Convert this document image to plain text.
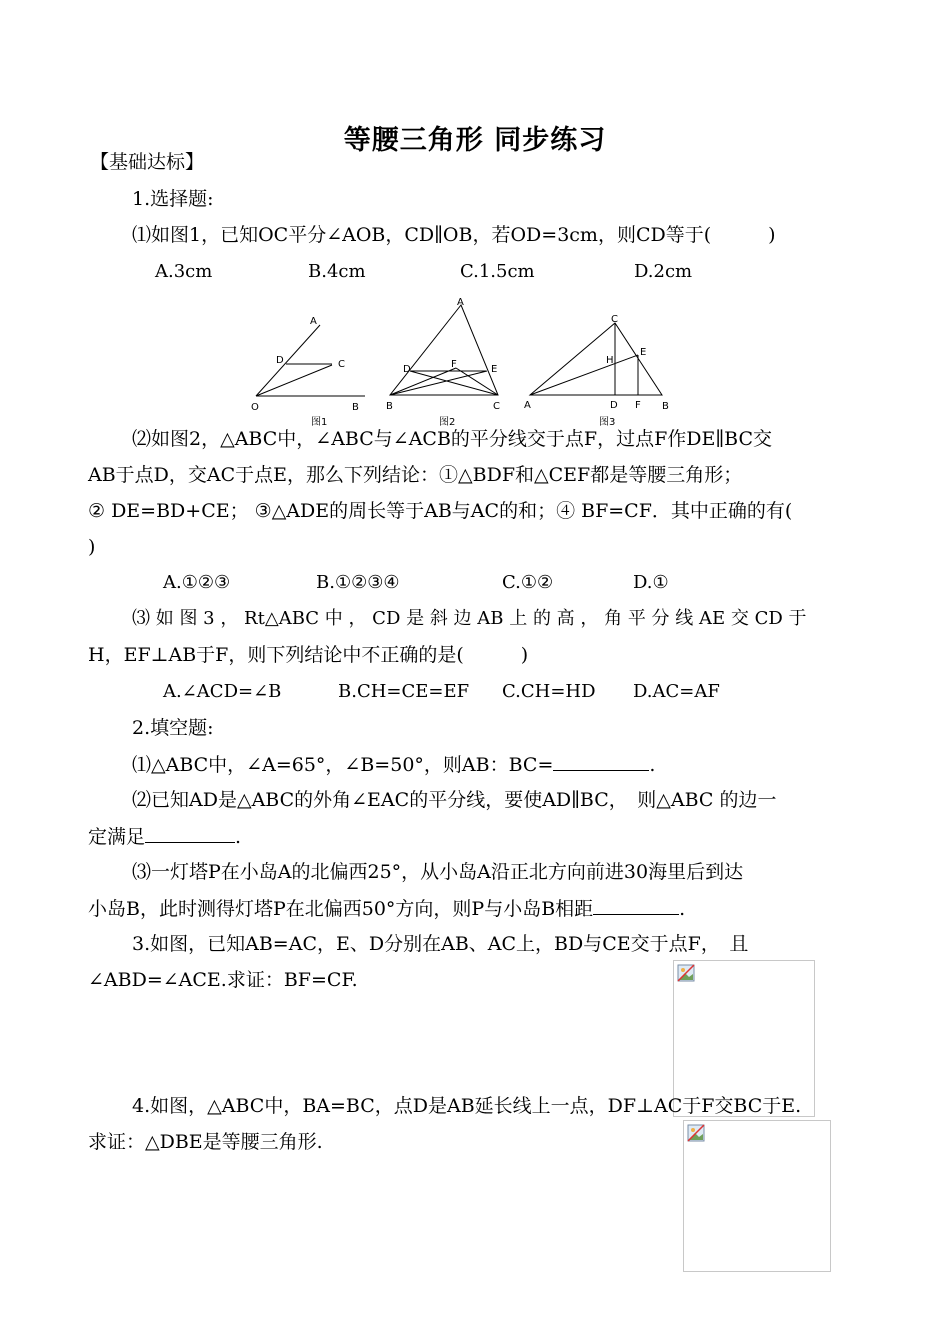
等腰三角形 同步练习
【基础达标】
1.选择题:
⑴如图1，已知OC平分∠AOB，CD∥OB，若OD=3cm，则CD等于(　　　)
A.3cm	B.4cm	C.1.5cm	D.2cm
A
D	C
O	B
A
D	F	E
B	C
C
E
H
A	D F B
图1	图2	图3
⑵如图2，△ABC中，∠ABC与∠ACB的平分线交于点F，过点F作DE∥BC交
AB于点D，交AC于点E，那么下列结论：①△BDF和△CEF都是等腰三角形；
② DE=BD+CE； ③△ADE的周长等于AB与AC的和；④ BF=CF．其中正确的有(
)
A.①②③	B.①②③④	C.①②	D.①
⑶ 如 图 3 ， Rt△ABC 中 ， CD 是 斜 边 AB 上 的 高 ， 角 平 分 线 AE 交 CD 于
H，EF⊥AB于F，则下列结论中不正确的是(　　　)
A.∠ACD=∠B	B.CH=CE=EF C.CH=HD D.AC=AF
2.填空题:
⑴△ABC中，∠A=65°，∠B=50°，则AB：BC=	.
⑵已知AD是△ABC的外角∠EAC的平分线，要使AD∥BC，　则△ABC 的边一
定满足	.
⑶一灯塔P在小岛A的北偏西25°，从小岛A沿正北方向前进30海里后到达
小岛B，此时测得灯塔P在北偏西50°方向，则P与小岛B相距	.
3.如图，已知AB=AC，E、D分别在AB、AC上，BD与CE交于点F，　且
∠ABD=∠ACE.求证：BF=CF.
4.如图，△ABC中，BA=BC，点D是AB延长线上一点，DF⊥AC于F交BC于E.
求证：△DBE是等腰三角形.
